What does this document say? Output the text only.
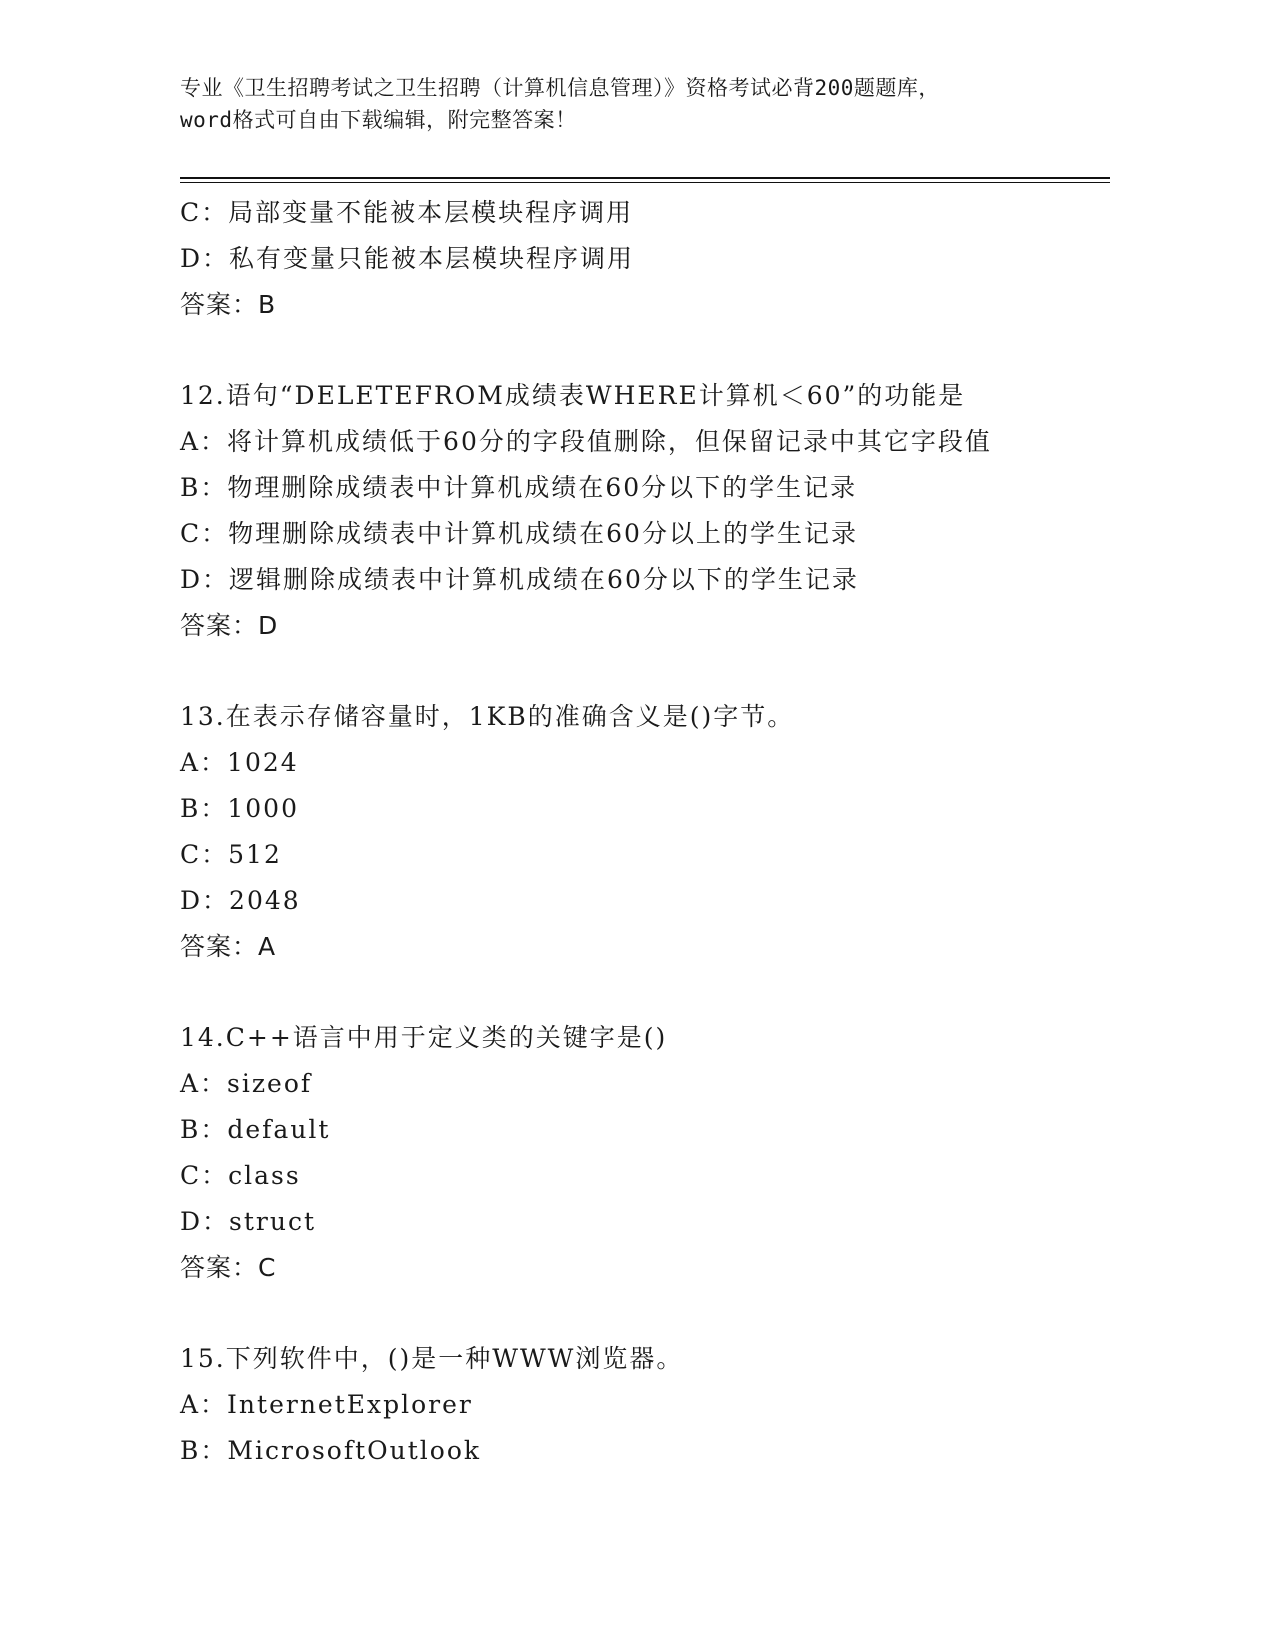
专业《卫生招聘考试之卫生招聘（计算机信息管理）》资格考试必背200题题库，
word格式可自由下载编辑，附完整答案！
C：局部变量不能被本层模块程序调用
D：私有变量只能被本层模块程序调用
答案：B
12.语句“DELETEFROM成绩表WHERE计算机＜60”的功能是
A：将计算机成绩低于60分的字段值删除，但保留记录中其它字段值
B：物理删除成绩表中计算机成绩在60分以下的学生记录
C：物理删除成绩表中计算机成绩在60分以上的学生记录
D：逻辑删除成绩表中计算机成绩在60分以下的学生记录
答案：D
13.在表示存储容量时，1KB的准确含义是()字节。
A：1024
B：1000
C：512
D：2048
答案：A
14.C++语言中用于定义类的关键字是()
A：sizeof
B：default
C：class
D：struct
答案：C
15.下列软件中，()是一种WWW浏览器。
A：InternetExplorer
B：MicrosoftOutlook
